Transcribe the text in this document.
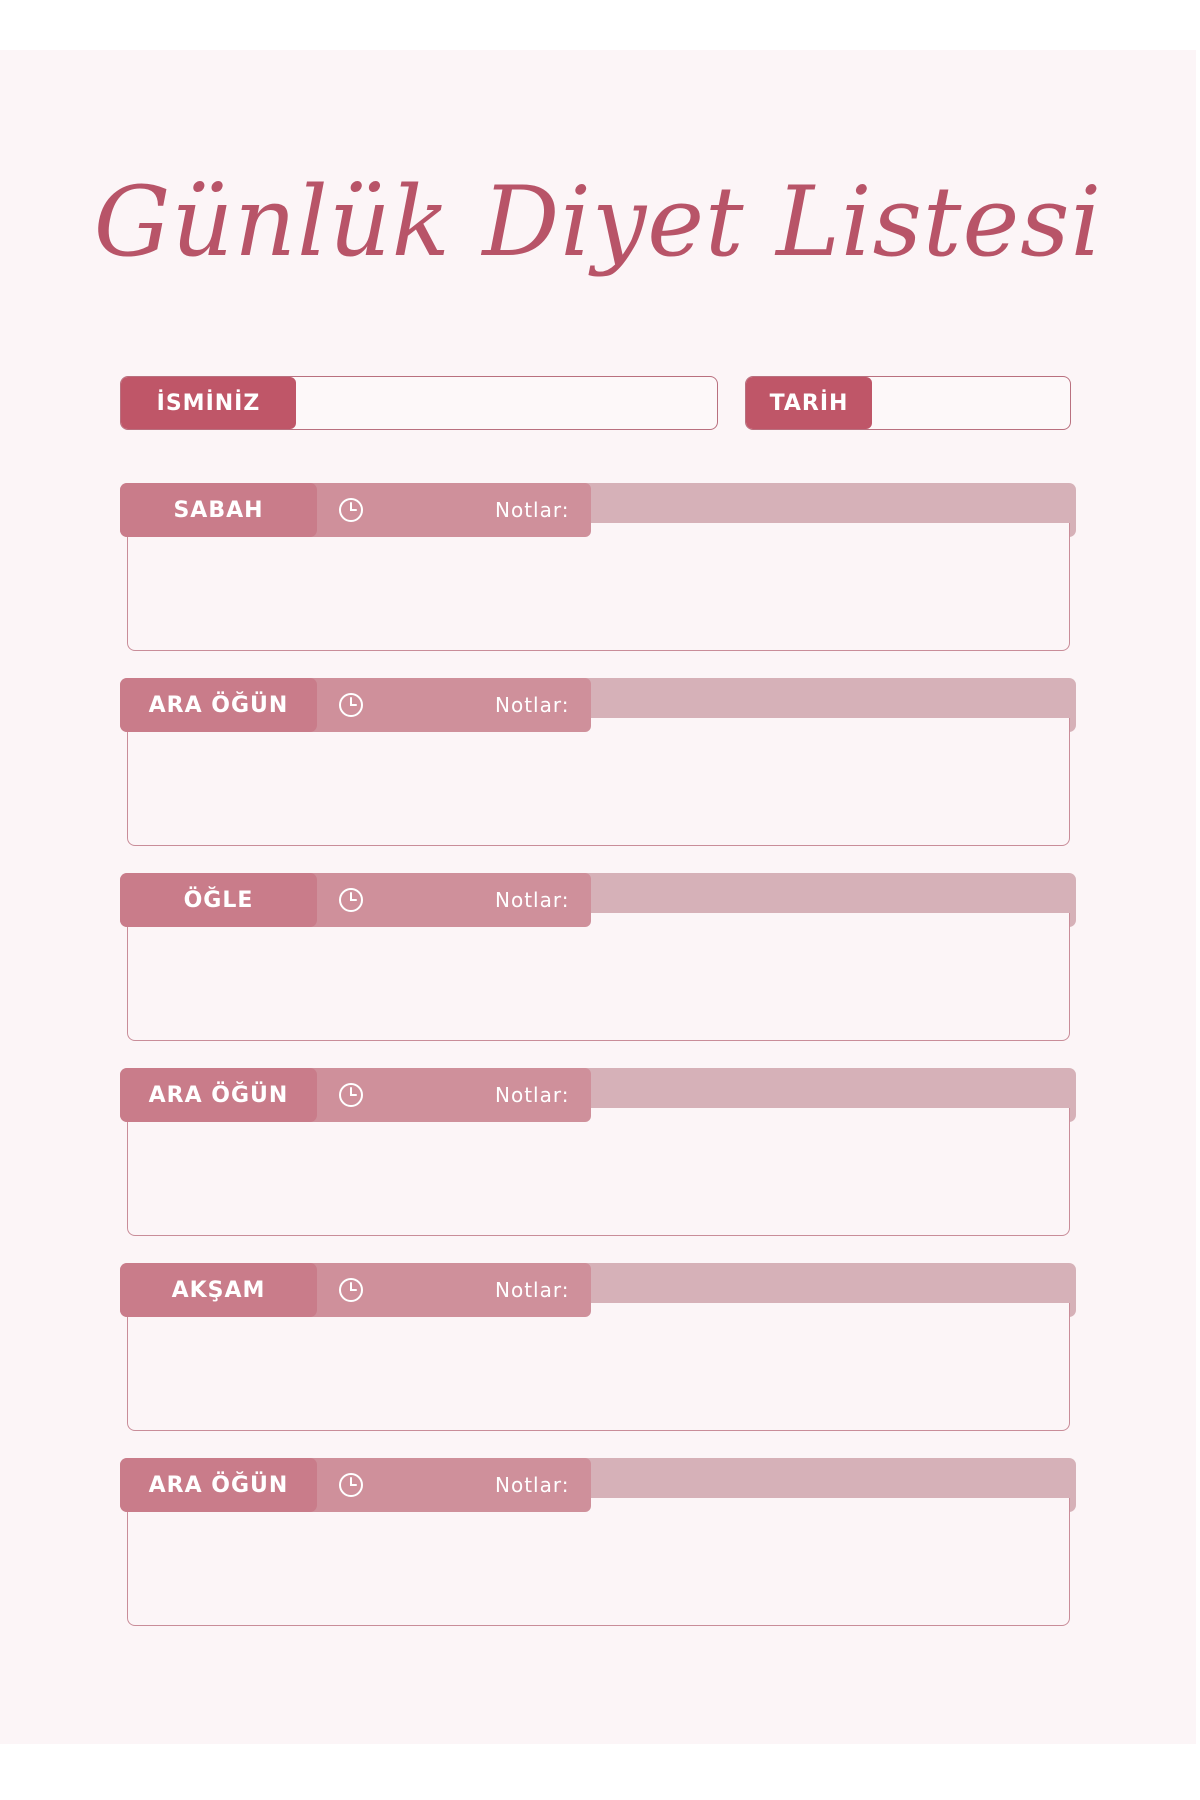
Günlük Diyet Listesi
İSMİNİZ	TARİH
SABAH	Notlar:
ARA ÖĞÜN	Notlar:
ÖĞLE	Notlar:
ARA ÖĞÜN	Notlar:
AKŞAM	Notlar:
ARA ÖĞÜN	Notlar:
